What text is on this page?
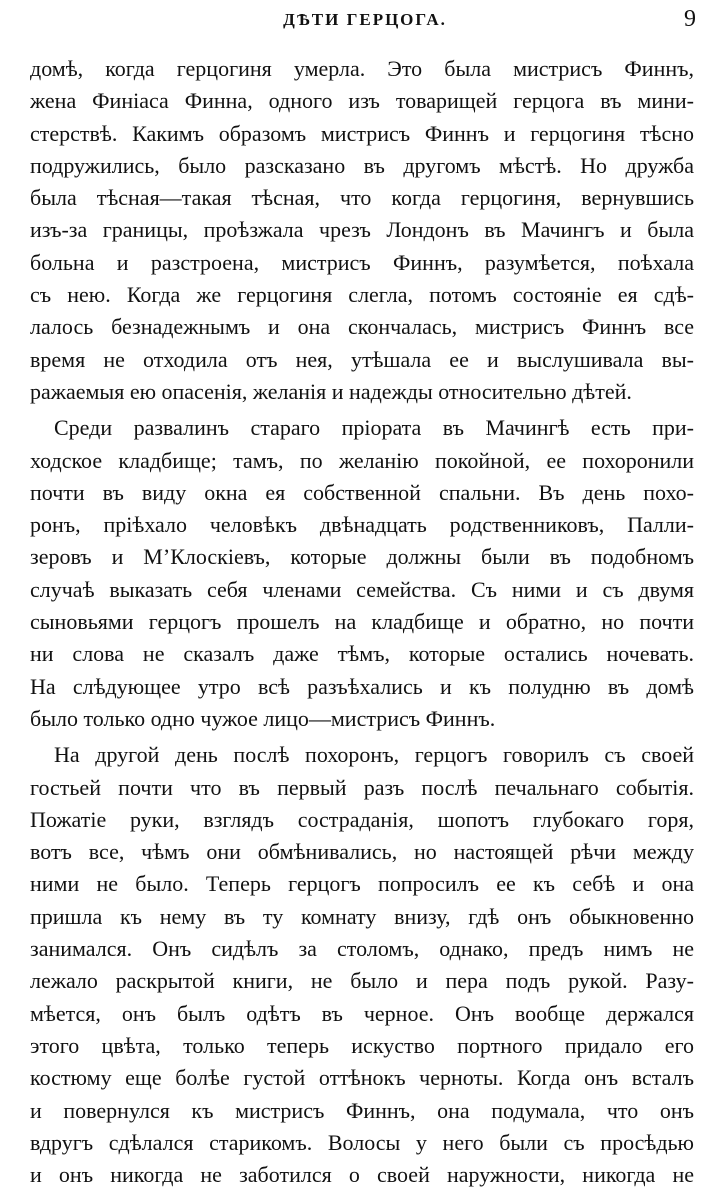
ДѢТИ ГЕРЦОГА.	9
домѣ, когда герцогиня умерла. Это была мистрисъ Финнъ,
жена Финіаса Финна, одного изъ товарищей герцога въ мини-
стерствѣ. Какимъ образомъ мистрисъ Финнъ и герцогиня тѣсно
подружились, было разсказано въ другомъ мѣстѣ. Но дружба
была тѣсная—такая тѣсная, что когда герцогиня, вернувшись
изъ-за границы, проѣзжала чрезъ Лондонъ въ Мачингъ и была
больна и разстроена, мистрисъ Финнъ, разумѣется, поѣхала
съ нею. Когда же герцогиня слегла, потомъ состояніе ея сдѣ-
лалось безнадежнымъ и она скончалась, мистрисъ Финнъ все
время не отходила отъ нея, утѣшала ее и выслушивала вы-
ражаемыя ею опасенія, желанія и надежды относительно дѣтей.
Среди развалинъ стараго пріората въ Мачингѣ есть при-
ходское кладбище; тамъ, по желанію покойной, ее похоронили
почти въ виду окна ея собственной спальни. Въ день похо-
ронъ, пріѣхало человѣкъ двѣнадцать родственниковъ, Палли-
зеровъ и М’Клоскіевъ, которые должны были въ подобномъ
случаѣ выказать себя членами семейства. Съ ними и съ двумя
сыновьями герцогъ прошелъ на кладбище и обратно, но почти
ни слова не сказалъ даже тѣмъ, которые остались ночевать.
На слѣдующее утро всѣ разъѣхались и къ полудню въ домѣ
было только одно чужое лицо—мистрисъ Финнъ.
На другой день послѣ похоронъ, герцогъ говорилъ съ своей
гостьей почти что въ первый разъ послѣ печальнаго событія.
Пожатіе руки, взглядъ состраданія, шопотъ глубокаго горя,
вотъ все, чѣмъ они обмѣнивались, но настоящей рѣчи между
ними не было. Теперь герцогъ попросилъ ее къ себѣ и она
пришла къ нему въ ту комнату внизу, гдѣ онъ обыкновенно
занимался. Онъ сидѣлъ за столомъ, однако, предъ нимъ не
лежало раскрытой книги, не было и пера подъ рукой. Разу-
мѣется, онъ былъ одѣтъ въ черное. Онъ вообще держался
этого цвѣта, только теперь искуство портного придало его
костюму еще болѣе густой оттѣнокъ черноты. Когда онъ всталъ
и повернулся къ мистрисъ Финнъ, она подумала, что онъ
вдругъ сдѣлался старикомъ. Волосы у него были съ просѣдью
и онъ никогда не заботился о своей наружности, никогда не
